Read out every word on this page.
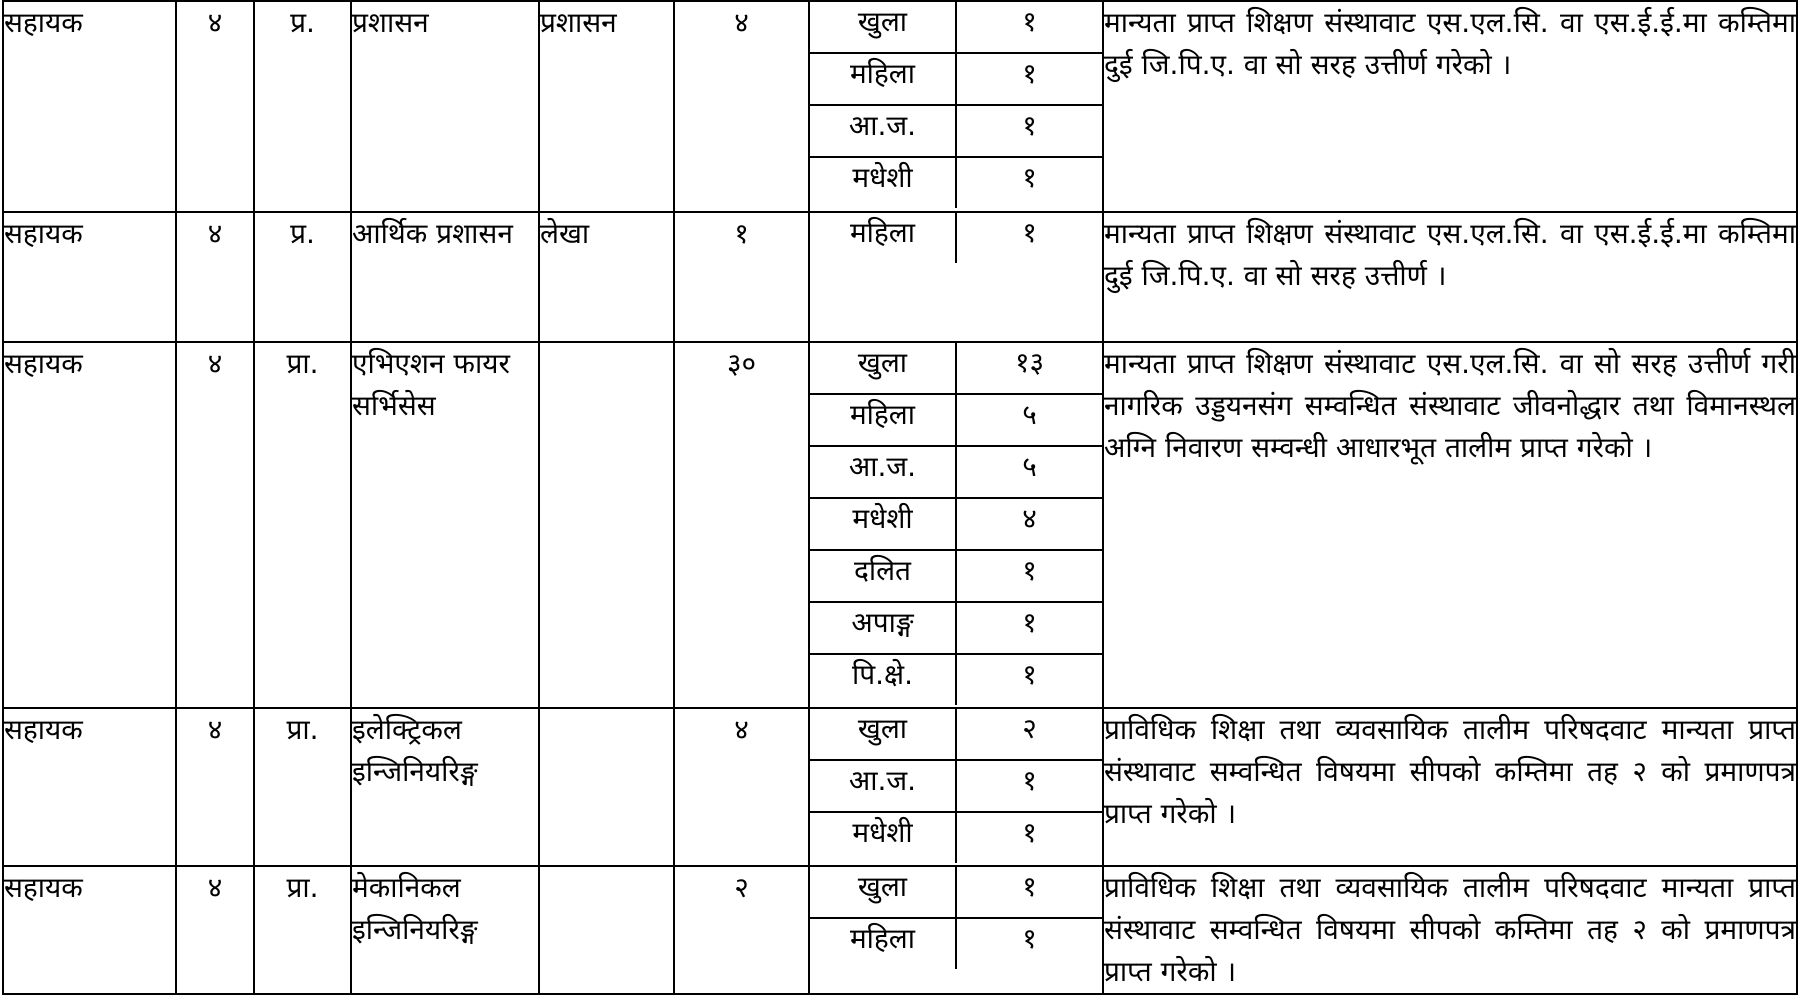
सहायक	४	प्र.	प्रशासन	प्रशासन	४		खुला	१
महिला	१
आ.ज.	१
मधेशी	१
	मान्यता प्राप्त शिक्षण संस्थावाट एस.एल.सि. वा एस.ई.ई.मा कम्तिमा दुई जि.पि.ए. वा सो सरह उत्तीर्ण गरेको ।
सहायक	४	प्र.	आर्थिक प्रशासन	लेखा	१		महिला	१
	मान्यता प्राप्त शिक्षण संस्थावाट एस.एल.सि. वा एस.ई.ई.मा कम्तिमा दुई जि.पि.ए. वा सो सरह उत्तीर्ण ।
सहायक	४	प्रा.	एभिएशन फायर सर्भिसेस		३०		खुला	१३
महिला	५
आ.ज.	५
मधेशी	४
दलित	१
अपाङ्ग	१
पि.क्षे.	१
	मान्यता प्राप्त शिक्षण संस्थावाट एस.एल.सि. वा सो सरह उत्तीर्ण गरी नागरिक उड्डयनसंग सम्वन्धित संस्थावाट जीवनोद्धार तथा विमानस्थल अग्नि निवारण सम्वन्धी आधारभूत तालीम प्राप्त गरेको ।
सहायक	४	प्रा.	इलेक्ट्रिकल इन्जिनियरिङ्ग		४		खुला	२
आ.ज.	१
मधेशी	१
	प्राविधिक शिक्षा तथा व्यवसायिक तालीम परिषदवाट मान्यता प्राप्त संस्थावाट सम्वन्धित विषयमा सीपको कम्तिमा तह २ को प्रमाणपत्र प्राप्त गरेको ।
सहायक	४	प्रा.	मेकानिकल इन्जिनियरिङ्ग		२		खुला	१
महिला	१
	प्राविधिक शिक्षा तथा व्यवसायिक तालीम परिषदवाट मान्यता प्राप्त संस्थावाट सम्वन्धित विषयमा सीपको कम्तिमा तह २ को प्रमाणपत्र प्राप्त गरेको ।
